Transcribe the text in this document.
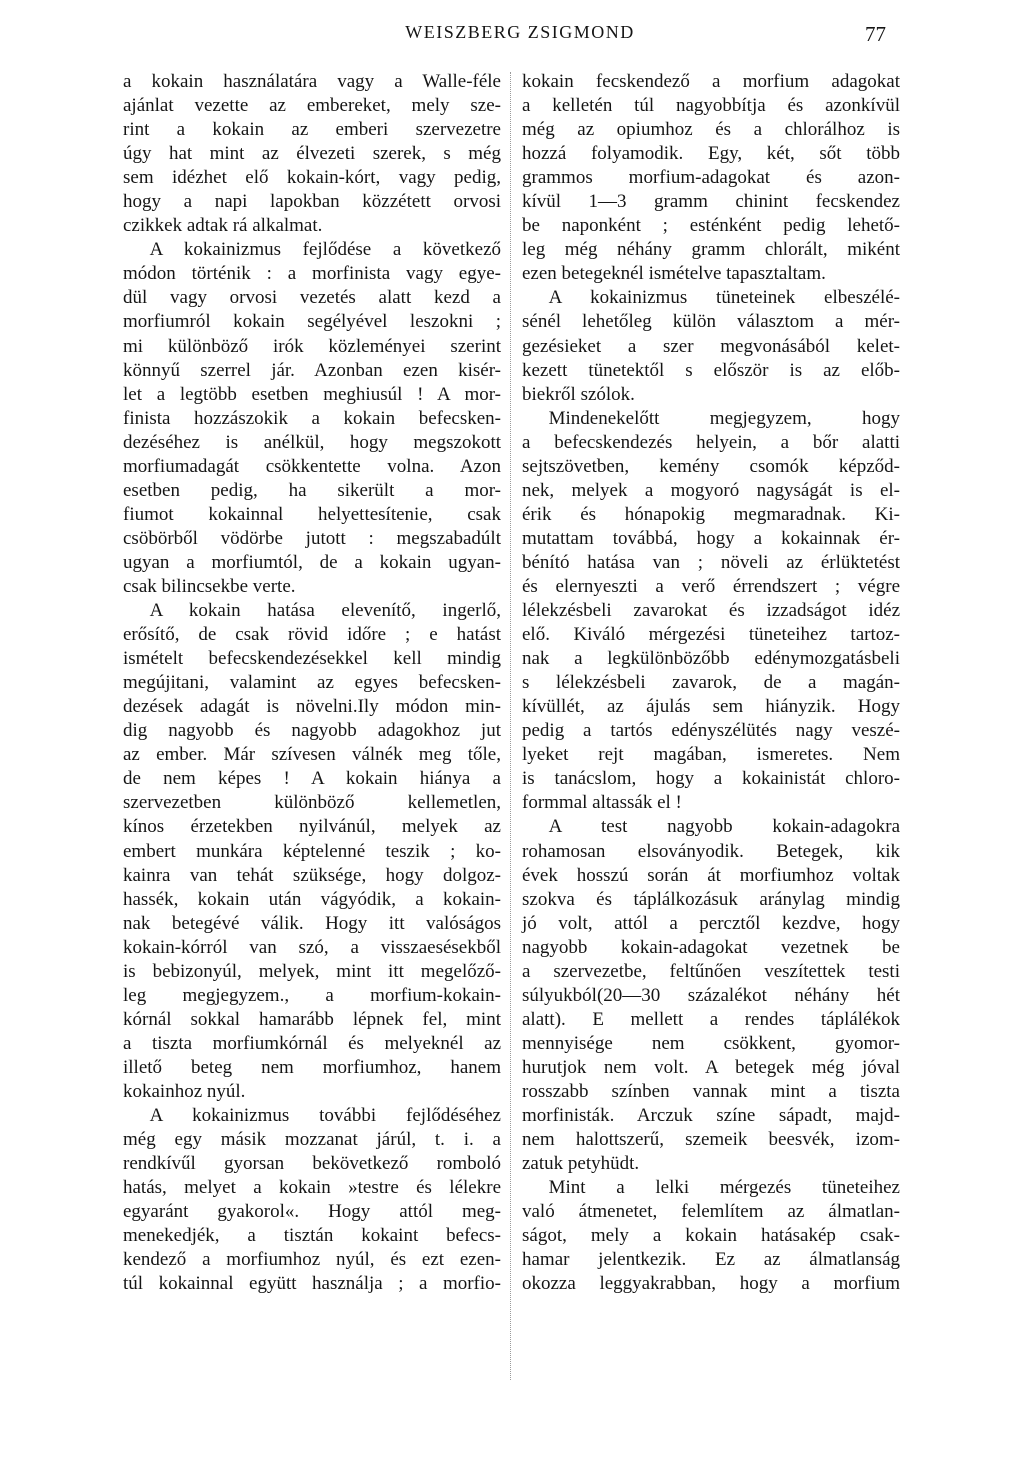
WEISZBERG ZSIGMOND	77
a kokain használatára vagy a Walle-féle
ajánlat vezette az embereket, mely sze-
rint a kokain az emberi szervezetre
úgy hat mint az élvezeti szerek, s még
sem idézhet elő kokain-kórt, vagy pedig,
hogy a napi lapokban közzétett orvosi
czikkek adtak rá alkalmat.
A kokainizmus fejlődése a következő
módon történik : a morfinista vagy egye-
dül vagy orvosi vezetés alatt kezd a
morfiumról kokain segélyével leszokni ;
mi különböző irók közleményei szerint
könnyű szerrel jár. Azonban ezen kisér-
let a legtöbb esetben meghiusúl ! A mor-
finista hozzászokik a kokain befecsken-
dezéséhez is anélkül, hogy megszokott
morfiumadagát csökkentette volna. Azon
esetben pedig, ha sikerült a mor-
fiumot kokainnal helyettesítenie, csak
csöbörből vödörbe jutott : megszabadúlt
ugyan a morfiumtól, de a kokain ugyan-
csak bilincsekbe verte.
A kokain hatása elevenítő, ingerlő,
erősítő, de csak rövid időre ; e hatást
ismételt befecskendezésekkel kell mindig
megújitani, valamint az egyes befecsken-
dezések adagát is növelni.Ily módon min-
dig nagyobb és nagyobb adagokhoz jut
az ember. Már szívesen válnék meg tőle,
de nem képes ! A kokain hiánya a
szervezetben különböző kellemetlen,
kínos érzetekben nyilvánúl, melyek az
embert munkára képtelenné teszik ; ko-
kainra van tehát szüksége, hogy dolgoz-
hassék, kokain után vágyódik, a kokain-
nak betegévé válik. Hogy itt valóságos
kokain-kórról van szó, a visszaesésekből
is bebizonyúl, melyek, mint itt megelőző-
leg megjegyzem., a morfium-kokain-
kórnál sokkal hamarább lépnek fel, mint
a tiszta morfiumkórnál és melyeknél az
illető beteg nem morfiumhoz, hanem
kokainhoz nyúl.
A kokainizmus további fejlődéséhez
még egy másik mozzanat járúl, t. i. a
rendkívűl gyorsan bekövetkező romboló
hatás, melyet a kokain »testre és lélekre
egyaránt gyakorol«. Hogy attól meg-
menekedjék, a tisztán kokaint befecs-
kendező a morfiumhoz nyúl, és ezt ezen-
túl kokainnal együtt használja ; a morfio-
kokain fecskendező a morfium adagokat
a kelletén túl nagyobbítja és azonkívül
még az opiumhoz és a chlorálhoz is
hozzá folyamodik. Egy, két, sőt több
grammos morfium-adagokat és azon-
kívül 1—3 gramm chinint fecskendez
be naponként ; esténként pedig lehető-
leg még néhány gramm chlorált, miként
ezen betegeknél ismételve tapasztaltam.
A kokainizmus tüneteinek elbeszélé-
sénél lehetőleg külön választom a mér-
gezésieket a szer megvonásából kelet-
kezett tünetektől s először is az előb-
biekről szólok.
Mindenekelőtt megjegyzem, hogy
a befecskendezés helyein, a bőr alatti
sejtszövetben, kemény csomók képződ-
nek, melyek a mogyoró nagyságát is el-
érik és hónapokig megmaradnak. Ki-
mutattam továbbá, hogy a kokainnak ér-
bénító hatása van ; növeli az érlüktetést
és elernyeszti a verő érrendszert ; végre
lélekzésbeli zavarokat és izzadságot idéz
elő. Kiváló mérgezési tüneteihez tartoz-
nak a legkülönbözőbb edénymozgatásbeli
s lélekzésbeli zavarok, de a magán-
kívüllét, az ájulás sem hiányzik. Hogy
pedig a tartós edényszélütés nagy veszé-
lyeket rejt magában, ismeretes. Nem
is tanácslom, hogy a kokainistát chloro-
formmal altassák el !
A test nagyobb kokain-adagokra
rohamosan elsoványodik. Betegek, kik
évek hosszú során át morfiumhoz voltak
szokva és táplálkozásuk aránylag mindig
jó volt, attól a percztől kezdve, hogy
nagyobb kokain-adagokat vezetnek be
a szervezetbe, feltűnően veszítettek testi
súlyukból(20—30 százalékot néhány hét
alatt). E mellett a rendes táplálékok
mennyisége nem csökkent, gyomor-
hurutjok nem volt. A betegek még jóval
rosszabb színben vannak mint a tiszta
morfinisták. Arczuk színe sápadt, majd-
nem halottszerű, szemeik beesvék, izom-
zatuk petyhüdt.
Mint a lelki mérgezés tüneteihez
való átmenetet, felemlítem az álmatlan-
ságot, mely a kokain hatásakép csak-
hamar jelentkezik. Ez az álmatlanság
okozza leggyakrabban, hogy a morfium
